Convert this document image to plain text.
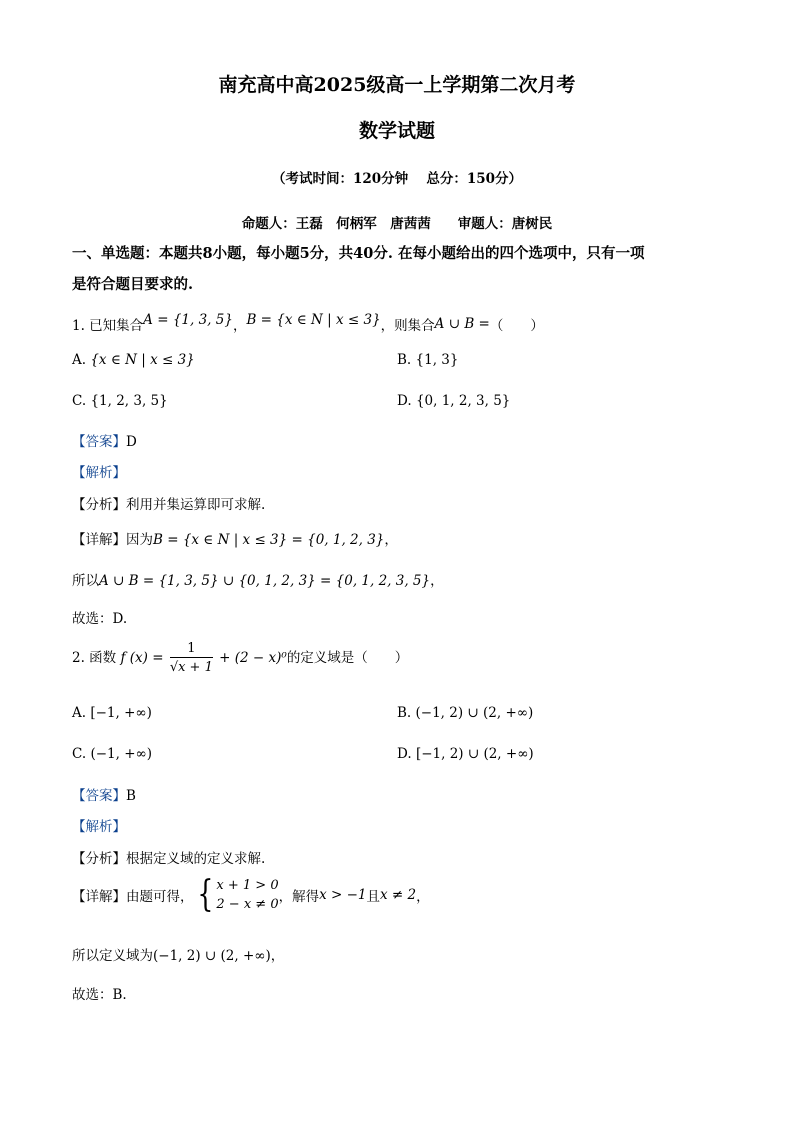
南充高中高2025级高一上学期第二次月考
数学试题
（考试时间：120分钟　 总分：150分）
命题人：王磊　何柄军　唐茜茜　　审题人：唐树民
一、单选题：本题共8小题，每小题5分，共40分. 在每小题给出的四个选项中，只有一项
是符合题目要求的.
1. 已知集合A = {1, 3, 5}，B = {x ∈ N | x ≤ 3}，则集合A ∪ B =（　　）
A. {x ∈ N | x ≤ 3}	B. {1, 3}
C. {1, 2, 3, 5}	D. {0, 1, 2, 3, 5}
【答案】D
【解析】
【分析】利用并集运算即可求解.
【详解】因为B = {x ∈ N | x ≤ 3} = {0, 1, 2, 3}，
所以A ∪ B = {1, 3, 5} ∪ {0, 1, 2, 3} = {0, 1, 2, 3, 5}，
故选：D.
2. 函数 f $(x) = \frac{1}{√x + 1} + (2 - x)^0$的定义域是（　　）
A. [−1, +∞)	B. (−1, 2) ∪ (2, +∞)
C. (−1, +∞)	D. [−1, 2) ∪ (2, +∞)
【答案】B
【解析】
【分析】根据定义域的定义求解.
【详解】由题可得，{ x + 1 > 0
2 − x ≠ 0 ，解得x > −1且x ≠ 2，
所以定义域为(−1, 2) ∪ (2, +∞)，
故选：B.
